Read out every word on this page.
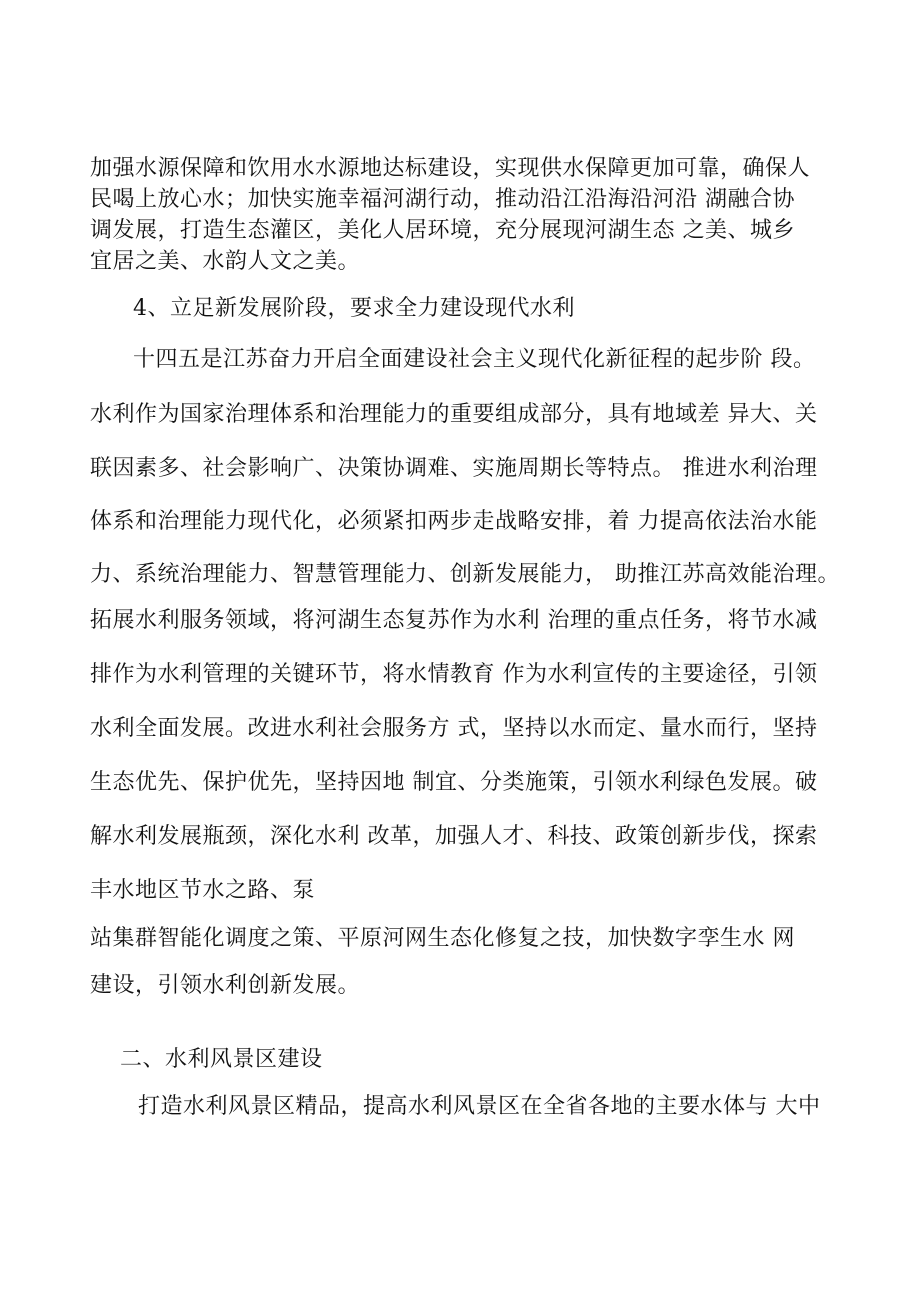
加强水源保障和饮用水水源地达标建设，实现供水保障更加可靠，确保人
民喝上放心水；加快实施幸福河湖行动，推动沿江沿海沿河沿 湖融合协
调发展，打造生态灌区，美化人居环境，充分展现河湖生态 之美、城乡
宜居之美、水韵人文之美。
4、立足新发展阶段，要求全力建设现代水利
十四五是江苏奋力开启全面建设社会主义现代化新征程的起步阶 段。
水利作为国家治理体系和治理能力的重要组成部分，具有地域差 异大、关
联因素多、社会影响广、决策协调难、实施周期长等特点。 推进水利治理
体系和治理能力现代化，必须紧扣两步走战略安排，着 力提高依法治水能
力、系统治理能力、智慧管理能力、创新发展能力， 助推江苏高效能治理。
拓展水利服务领域，将河湖生态复苏作为水利 治理的重点任务，将节水减
排作为水利管理的关键环节，将水情教育 作为水利宣传的主要途径，引领
水利全面发展。改进水利社会服务方 式，坚持以水而定、量水而行，坚持
生态优先、保护优先，坚持因地 制宜、分类施策，引领水利绿色发展。破
解水利发展瓶颈，深化水利 改革，加强人才、科技、政策创新步伐，探索
丰水地区节水之路、泵
站集群智能化调度之策、平原河网生态化修复之技，加快数字孪生水 网
建设，引领水利创新发展。
二、水利风景区建设
打造水利风景区精品，提高水利风景区在全省各地的主要水体与 大中
